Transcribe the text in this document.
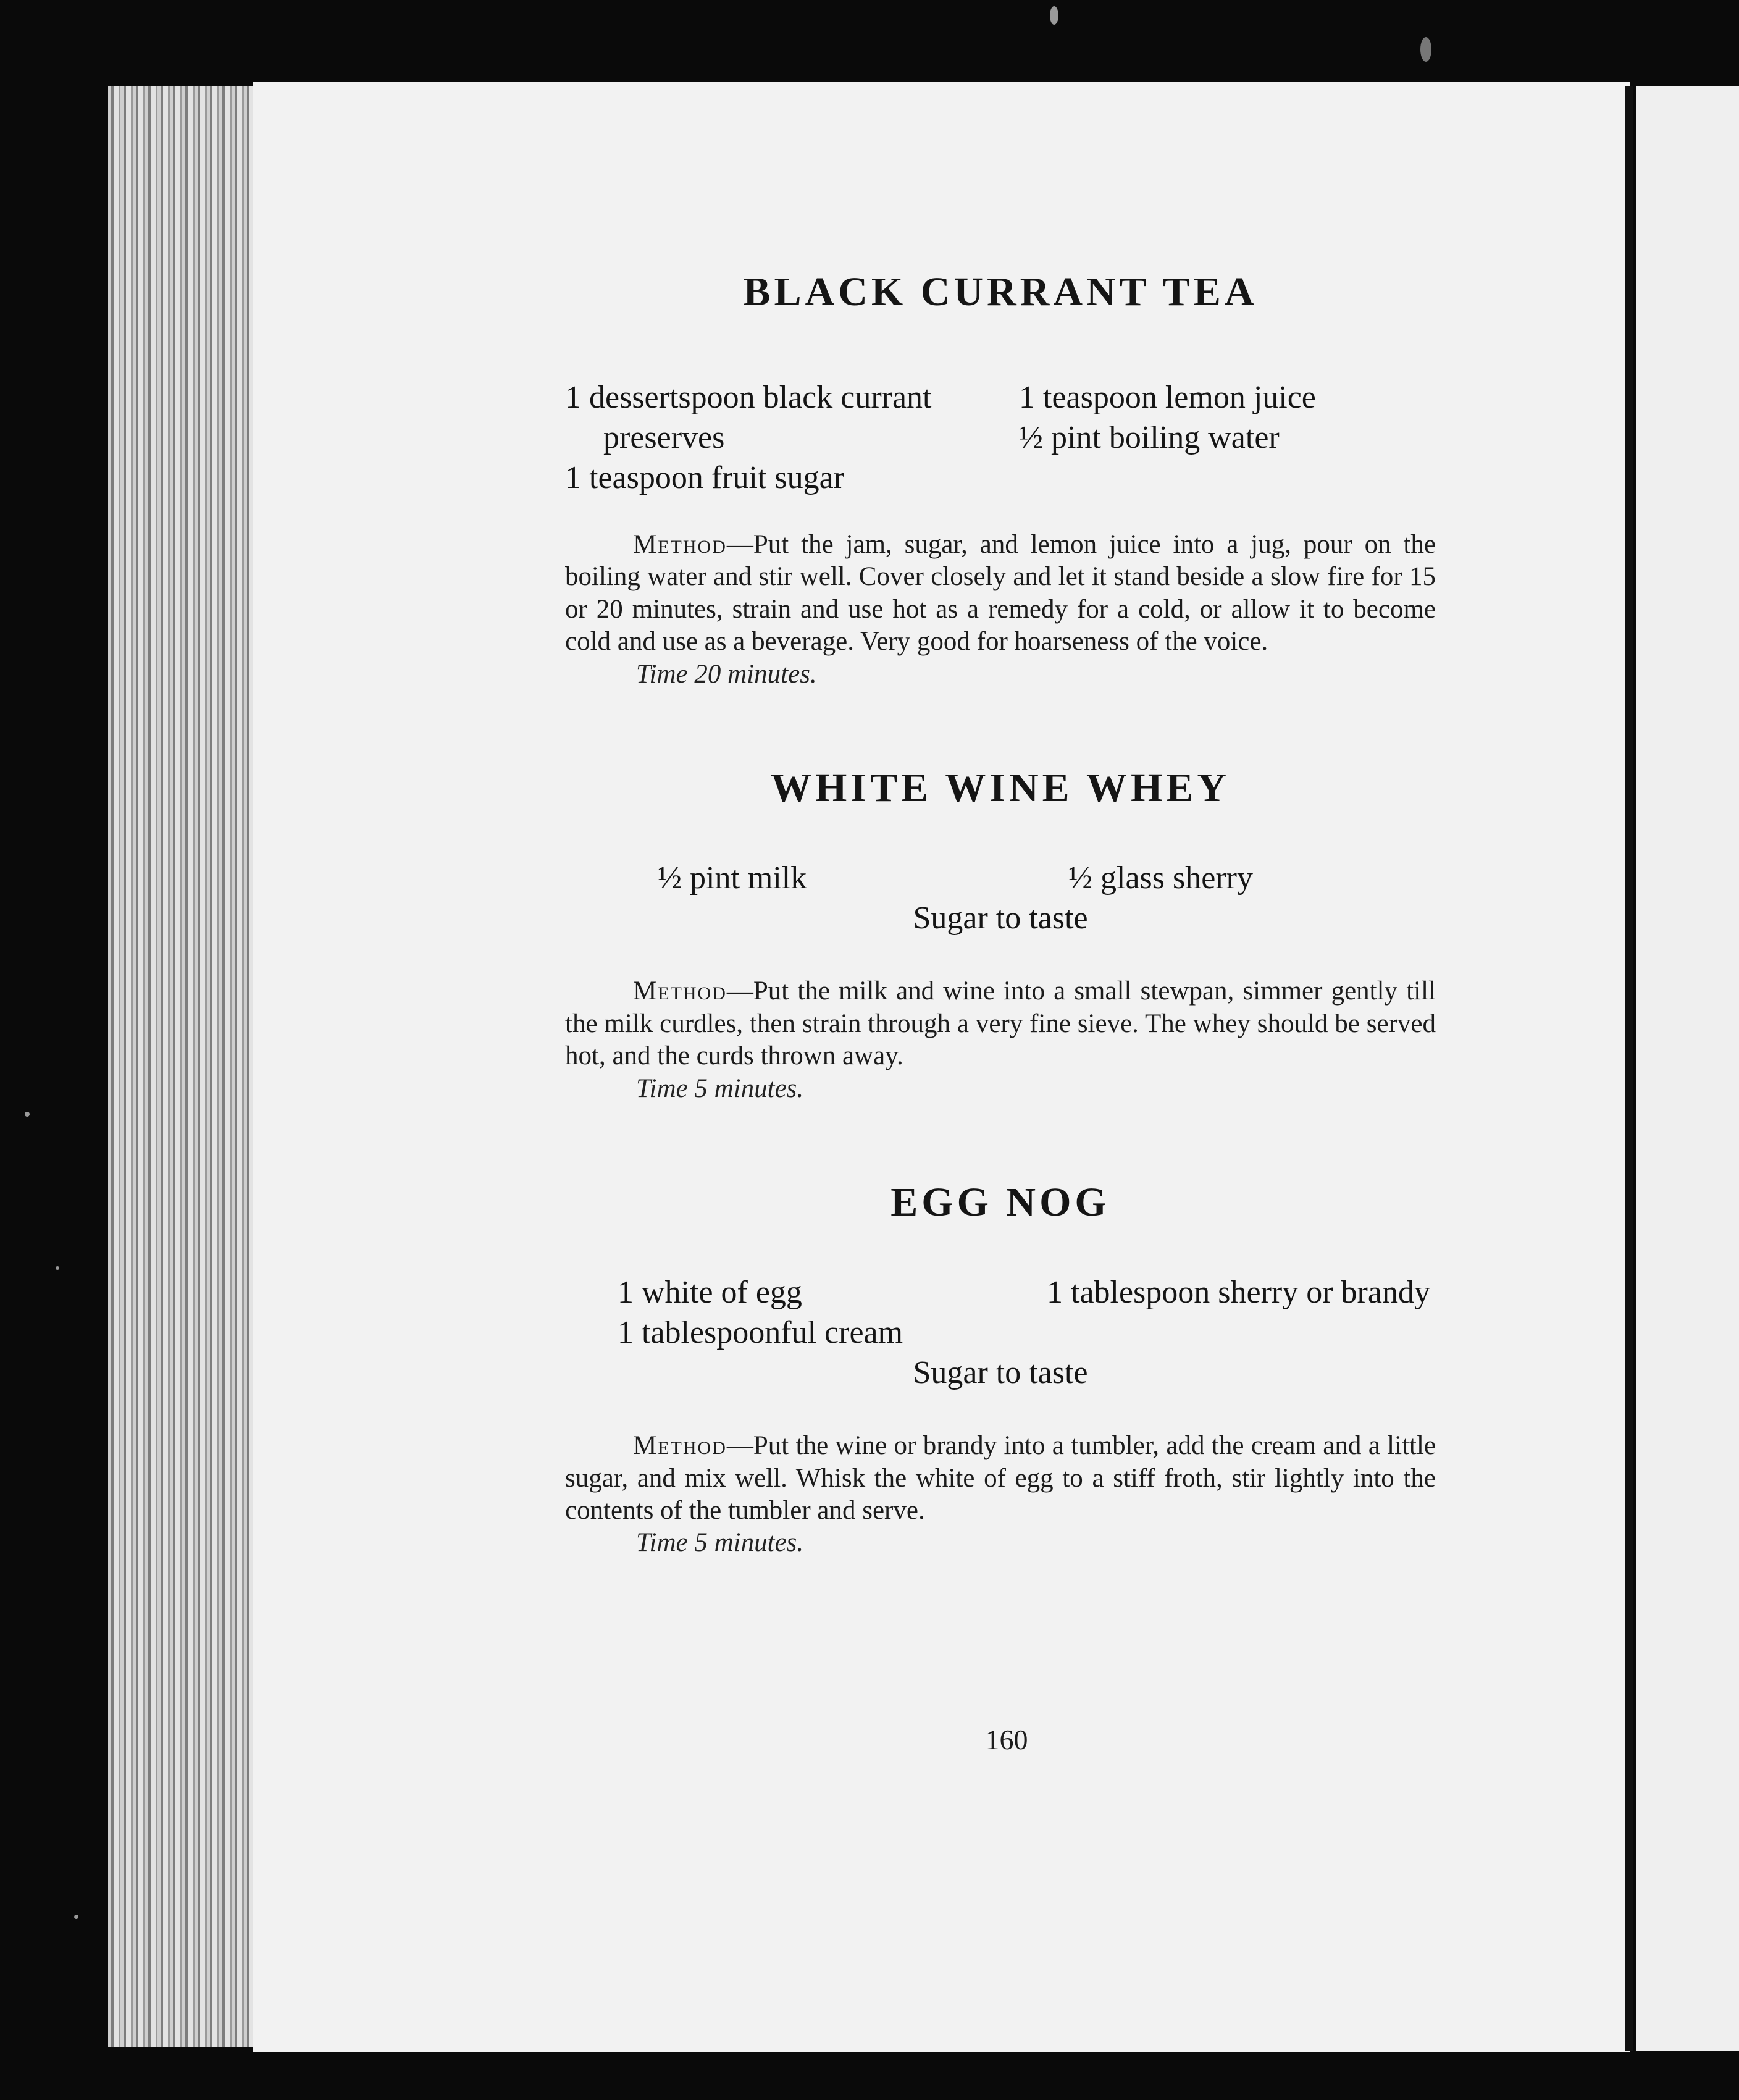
BLACK CURRANT TEA
1 dessertspoon black currant preserves
1 teaspoon fruit sugar
1 teaspoon lemon juice
½ pint boiling water

Method—Put the jam, sugar, and lemon juice into a jug, pour on the boiling water and stir well. Cover closely and let it stand beside a slow fire for 15 or 20 minutes, strain and use hot as a remedy for a cold, or allow it to become cold and use as a beverage. Very good for hoarseness of the voice.

Time 20 minutes.
WHITE WINE WHEY
½ pint milk	½ glass sherry
Sugar to taste

Method—Put the milk and wine into a small stewpan, simmer gently till the milk curdles, then strain through a very fine sieve. The whey should be served hot, and the curds thrown away.

Time 5 minutes.
EGG NOG
1 white of egg
1 tablespoonful cream
1 tablespoon sherry or brandy
Sugar to taste

Method—Put the wine or brandy into a tumbler, add the cream and a little sugar, and mix well. Whisk the white of egg to a stiff froth, stir lightly into the contents of the tumbler and serve.

Time 5 minutes.
160
